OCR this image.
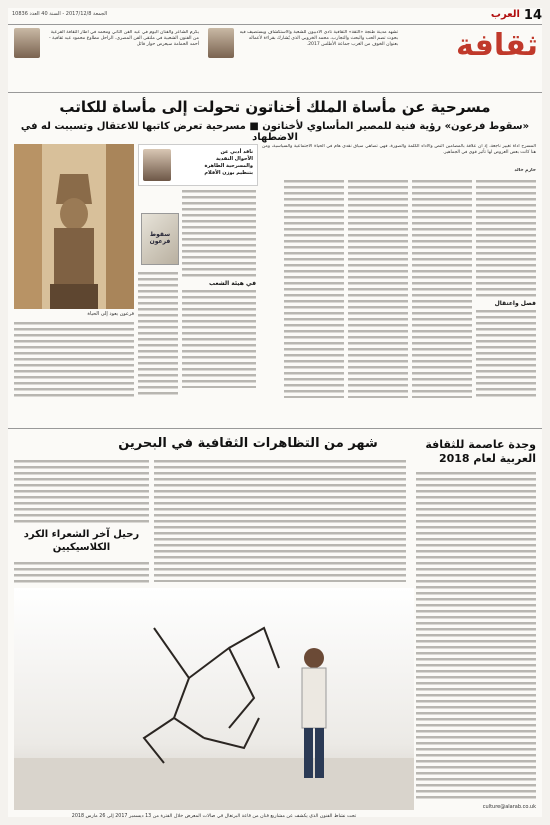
14
العرب
الجمعة 2017/12/8 - السنة 40 العدد 10836
ثقافة
تشهد مدينة طنجة «الثقة» الثقافية نادي الأدبيون للشعبة والاستكشاف ويستضيف فيه بحوث تضم الحب والبحث والتجارب، محمد الخروبي الذي يُشارك بقراءة لأعماله بعنوان الخوف من الغرب جماعة الأطلس 2017.
يكرم الشاعر والفنان اليوم في عيد الفن الثاني ومحمد في اطار الثقافة الفرعية من الفنون الشعبية في ملتقى الفن المصري. الراحل مطاوع محمود عيد ثقافية - أحمد الحمامة سيعرض حوار قائل
مسرحية عن مأساة الملك أخناتون تحولت إلى مأساة للكاتب
«سقوط فرعون» رؤية فنية للمصير المأساوي لأخناتون ■ مسرحية تعرض كاتبها للاعتقال وتسببت له في الاضطهاد
فرعون يعود إلى الحياة
ناقد أدبي عن الأحوال النقدية والمسرحية الطاهرة بتنظيم بوزن الأفلام
سقوط فرعون
المسرح أداة تغيير ناجعة، إذ أن علاقة بالمضامين النص والأداء الكلمة والصورة، فهي تضاهي سياق نقدي هام في الحياة الاجتماعية والسياسية، ومن هنا كانت بعض العروض لها تأثير قوي في الجماهير.
حازم خالد
فصل واعتقال
في هيئة الشعب
شهر من التظاهرات الثقافية في البحرين
رحيل آخر الشعراء الكرد الكلاسيكيين
تحت نشاط الفنون الذي يكشف عن مشاريع فنان من قاعة البرتغال في صالات المعرض خلال الفترة من 13 ديسمبر 2017 إلى 26 مارس 2018
وجدة عاصمة للثقافة العربية لعام 2018
culture@alarab.co.uk
